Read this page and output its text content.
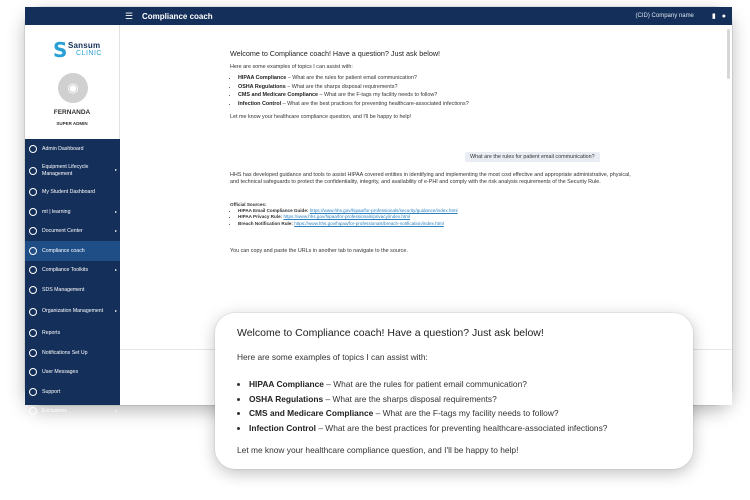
☰	Compliance coach	(CID) Company name	▮ ●
S Sansum
CLINIC
◉
FERNANDA
SUPER ADMIN
Admin Dashboard
Equipment Lifecycle Management
▸
My Student Dashboard
mt | learning	▸
Document Center	▸
Compliance coach
Compliance Toolkits	▸
SDS Management
Organization Management	▸
Reports
Notifications Set Up
User Messages
Support
Exclusions	▸
Welcome to Compliance coach! Have a question? Just ask below!

Here are some examples of topics I can assist with:

• HIPAA Compliance – What are the rules for patient email communication?
• OSHA Regulations – What are the sharps disposal requirements?
• CMS and Medicare Compliance – What are the F-tags my facility needs to follow?
• Infection Control – What are the best practices for preventing healthcare-associated infections?

Let me know your healthcare compliance question, and I'll be happy to help!

What are the rules for patient email communication?
HHS has developed guidance and tools to assist HIPAA covered entities in identifying and implementing the most cost effective and appropriate administrative, physical, and technical safeguards to protect the confidentiality, integrity, and availability of e-PHI and comply with the risk analysis requirements of the Security Rule.
Official Sources:
• HIPAA Email Compliance Guide: https://www.hhs.gov/hipaa/for-professionals/security/guidance/index.html
• HIPAA Privacy Rule: https://www.hhs.gov/hipaa/for-professionals/privacy/index.html
• Breach Notification Rule: https://www.hhs.gov/hipaa/for-professionals/breach-notification/index.html
You can copy and paste the URLs in another tab to navigate to the source.
Welcome to Compliance coach! Have a question? Just ask below!
Here are some examples of topics I can assist with:
• HIPAA Compliance – What are the rules for patient email communication?
• OSHA Regulations – What are the sharps disposal requirements?
• CMS and Medicare Compliance – What are the F-tags my facility needs to follow?
• Infection Control – What are the best practices for preventing healthcare-associated infections?
Let me know your healthcare compliance question, and I'll be happy to help!
